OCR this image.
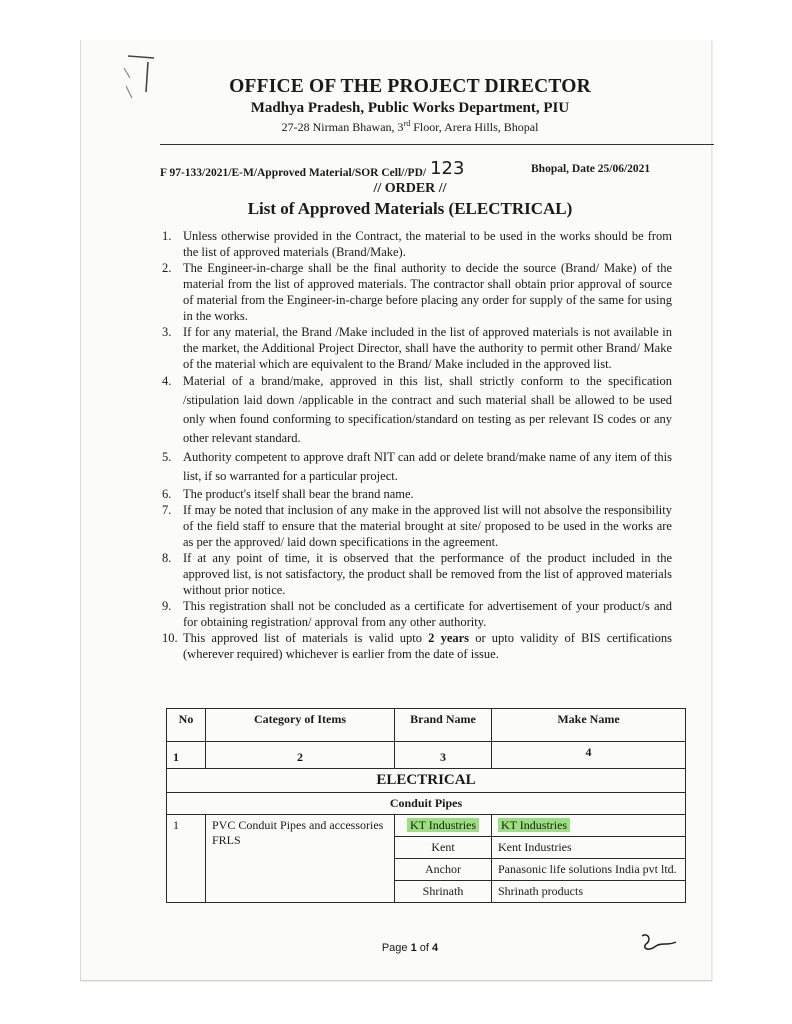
OFFICE OF THE PROJECT DIRECTOR
Madhya Pradesh, Public Works Department, PIU
27-28 Nirman Bhawan, 3rd Floor, Arera Hills, Bhopal
F 97-133/2021/E-M/Approved Material/SOR Cell//PD/ 123	Bhopal, Date 25/06/2021
// ORDER //
List of Approved Materials (ELECTRICAL)
1. Unless otherwise provided in the Contract, the material to be used in the works should be from the list of approved materials (Brand/Make).
2. The Engineer-in-charge shall be the final authority to decide the source (Brand/ Make) of the material from the list of approved materials. The contractor shall obtain prior approval of source of material from the Engineer-in-charge before placing any order for supply of the same for using in the works.
3. If for any material, the Brand /Make included in the list of approved materials is not available in the market, the Additional Project Director, shall have the authority to permit other Brand/ Make of the material which are equivalent to the Brand/ Make included in the approved list.
4. Material of a brand/make, approved in this list, shall strictly conform to the specification /stipulation laid down /applicable in the contract and such material shall be allowed to be used only when found conforming to specification/standard on testing as per relevant IS codes or any other relevant standard.
5. Authority competent to approve draft NIT can add or delete brand/make name of any item of this list, if so warranted for a particular project.
6. The product's itself shall bear the brand name.
7. If may be noted that inclusion of any make in the approved list will not absolve the responsibility of the field staff to ensure that the material brought at site/ proposed to be used in the works are as per the approved/ laid down specifications in the agreement.
8. If at any point of time, it is observed that the performance of the product included in the approved list, is not satisfactory, the product shall be removed from the list of approved materials without prior notice.
9. This registration shall not be concluded as a certificate for advertisement of your product/s and for obtaining registration/ approval from any other authority.
10. This approved list of materials is valid upto 2 years or upto validity of BIS certifications (wherever required) whichever is earlier from the date of issue.
No	Category of Items	Brand Name	Make Name
1	2	3	4
ELECTRICAL			
Conduit Pipes			
1	PVC Conduit Pipes and accessories FRLS	KT Industries	KT Industries
		Kent	Kent Industries
		Anchor	Panasonic life solutions India pvt ltd.
		Shrinath	Shrinath products
Page 1 of 4
